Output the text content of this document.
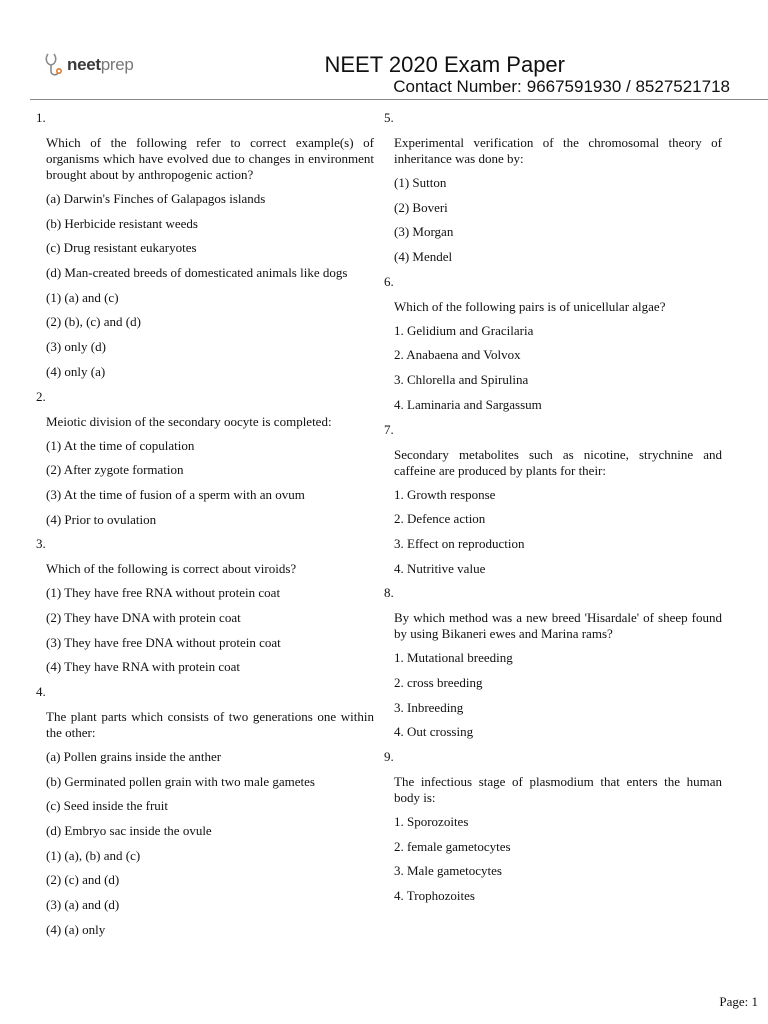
neetprep	NEET 2020 Exam Paper
Contact Number: 9667591930 / 8527521718
1.
Which of the following refer to correct example(s) of organisms which have evolved due to changes in environment brought about by anthropogenic action?
(a) Darwin's Finches of Galapagos islands
(b) Herbicide resistant weeds
(c) Drug resistant eukaryotes
(d) Man-created breeds of domesticated animals like dogs
(1) (a) and (c)
(2) (b), (c) and (d)
(3) only (d)
(4) only (a)
2.
Meiotic division of the secondary oocyte is completed:
(1) At the time of copulation
(2) After zygote formation
(3) At the time of fusion of a sperm with an ovum
(4) Prior to ovulation
3.
Which of the following is correct about viroids?
(1) They have free RNA without protein coat
(2) They have DNA with protein coat
(3) They have free DNA without protein coat
(4) They have RNA with protein coat
4.
The plant parts which consists of two generations one within the other:
(a) Pollen grains inside the anther
(b) Germinated pollen grain with two male gametes
(c) Seed inside the fruit
(d) Embryo sac inside the ovule
(1) (a), (b) and (c)
(2) (c) and (d)
(3) (a) and (d)
(4) (a) only
5.
Experimental verification of the chromosomal theory of inheritance was done by:
(1) Sutton
(2) Boveri
(3) Morgan
(4) Mendel
6.
Which of the following pairs is of unicellular algae?
1. Gelidium and Gracilaria
2. Anabaena and Volvox
3. Chlorella and Spirulina
4. Laminaria and Sargassum
7.
Secondary metabolites such as nicotine, strychnine and caffeine are produced by plants for their:
1. Growth response
2. Defence action
3. Effect on reproduction
4. Nutritive value
8.
By which method was a new breed 'Hisardale' of sheep found by using Bikaneri ewes and Marina rams?
1. Mutational breeding
2. cross breeding
3. Inbreeding
4. Out crossing
9.
The infectious stage of plasmodium that enters the human body is:
1. Sporozoites
2. female gametocytes
3. Male gametocytes
4. Trophozoites
Page: 1
